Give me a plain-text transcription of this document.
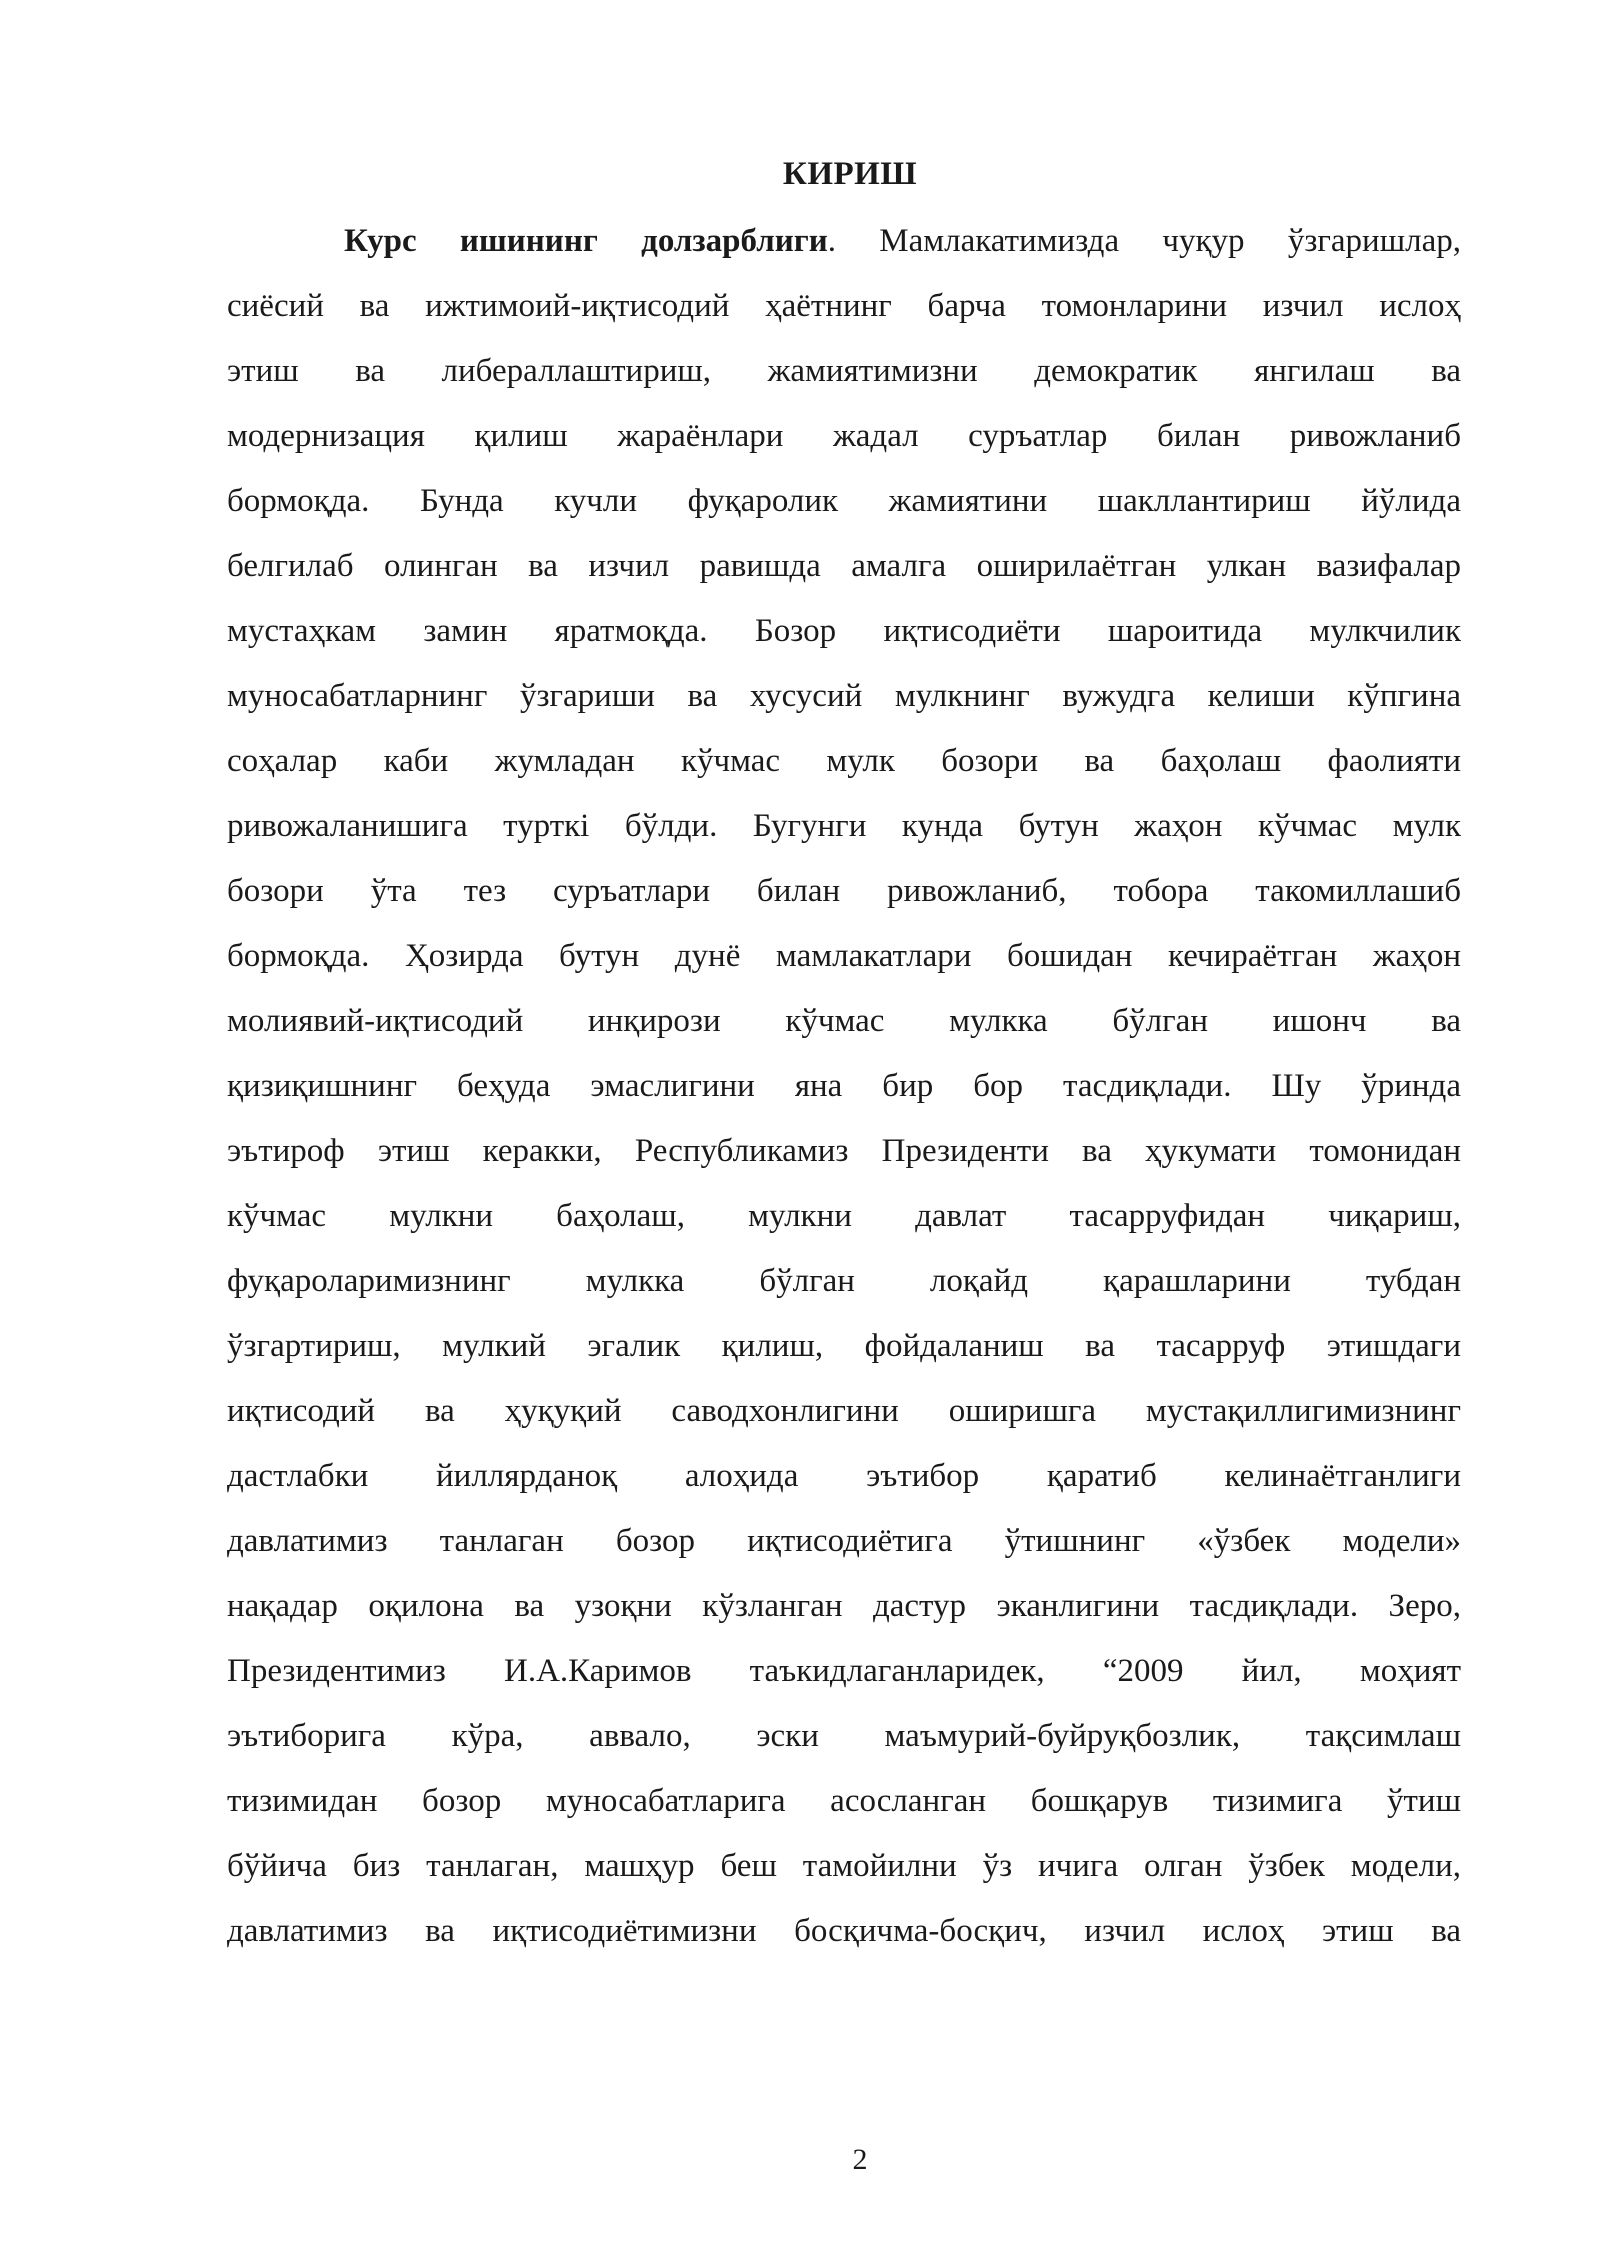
КИРИШ
Курс ишининг долзарблиги. Мамлакатимизда чуқур ўзгаришлар,
сиёсий ва ижтимоий-иқтисодий ҳаётнинг барча томонларини изчил ислоҳ
этиш ва либераллаштириш, жамиятимизни демократик янгилаш ва
модернизация қилиш жараёнлари жадал суръатлар билан ривожланиб
бормоқда. Бунда кучли фуқаролик жамиятини шакллантириш йўлида
белгилаб олинган ва изчил равишда амалга оширилаётган улкан вазифалар
мустаҳкам замин яратмоқда. Бозор иқтисодиёти шароитида мулкчилик
муносабатларнинг ўзгариши ва хусусий мулкнинг вужудга келиши кўпгина
соҳалар каби жумладан кўчмас мулк бозори ва баҳолаш фаолияти
ривожаланишига турткi бўлди. Бугунги кунда бутун жаҳон кўчмас мулк
бозори ўта тез суръатлари билан ривожланиб, тобора такомиллашиб
бормоқда. Ҳозирда бутун дунё мамлакатлари бошидан кечираётган жаҳон
молиявий-иқтисодий инқирози кўчмас мулкка бўлган ишонч ва
қизиқишнинг беҳуда эмаслигини яна бир бор тасдиқлади. Шу ўринда
эътироф этиш керакки, Республикамиз Президенти ва ҳукумати томонидан
кўчмас мулкни баҳолаш, мулкни давлат тасарруфидан чиқариш,
фуқароларимизнинг мулкка бўлган лоқайд қарашларини тубдан
ўзгартириш, мулкий эгалик қилиш, фойдаланиш ва тасарруф этишдаги
иқтисодий ва ҳуқуқий саводхонлигини оширишга мустақиллигимизнинг
дастлабки йиллярданоқ алоҳида эътибор қаратиб келинаётганлиги
давлатимиз танлаган бозор иқтисодиётига ўтишнинг «ўзбек модели»
нақадар оқилона ва узоқни кўзланган дастур эканлигини тасдиқлади. Зеро,
Президентимиз И.А.Каримов таъкидлаганларидек, “2009 йил, моҳият
эътиборига кўра, аввало, эски маъмурий-буйруқбозлик, тақсимлаш
тизимидан бозор муносабатларига асосланган бошқарув тизимига ўтиш
бўйича биз танлаган, машҳур беш тамойилни ўз ичига олган ўзбек модели,
давлатимиз ва иқтисодиётимизни босқичма-босқич, изчил ислоҳ этиш ва
2
